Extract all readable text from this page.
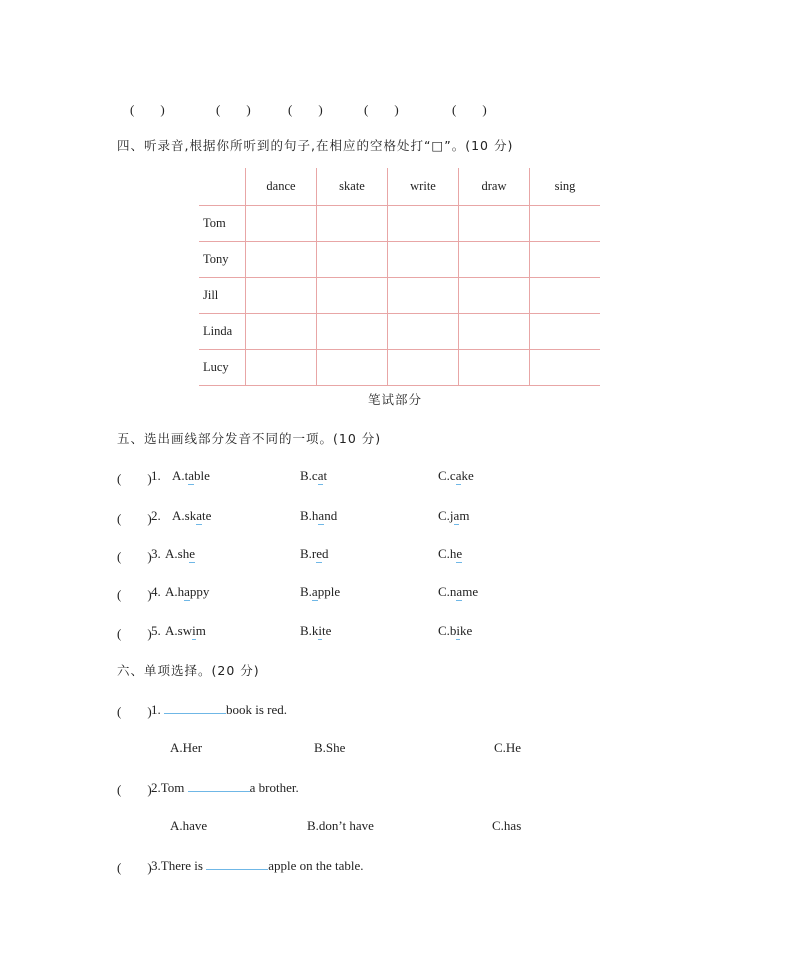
(　　)	(　　)	(　　)	(　　)	(　　)
四、听录音,根据你所听到的句子,在相应的空格处打“□”。(10 分)
	dance	skate	write	draw	sing
Tom					
Tony					
Jill					
Linda					
Lucy					
笔试部分
五、选出画线部分发音不同的一项。(10 分)
(　　) 1. A.table	B.cat	C.cake
(　　) 2. A.skate	B.hand	C.jam
(　　) 3. A.she	B.red	C.he
(　　) 4. A.happy	B.apple	C.name
(　　) 5. A.swim	B.kite	C.bike
六、单项选择。(20 分)
(　　) 1.	book is red.
A.Her	B.She	C.He
(　　) 2.Tom	a brother.
A.have	B.don’t have	C.has
(　　) 3.There is	apple on the table.
